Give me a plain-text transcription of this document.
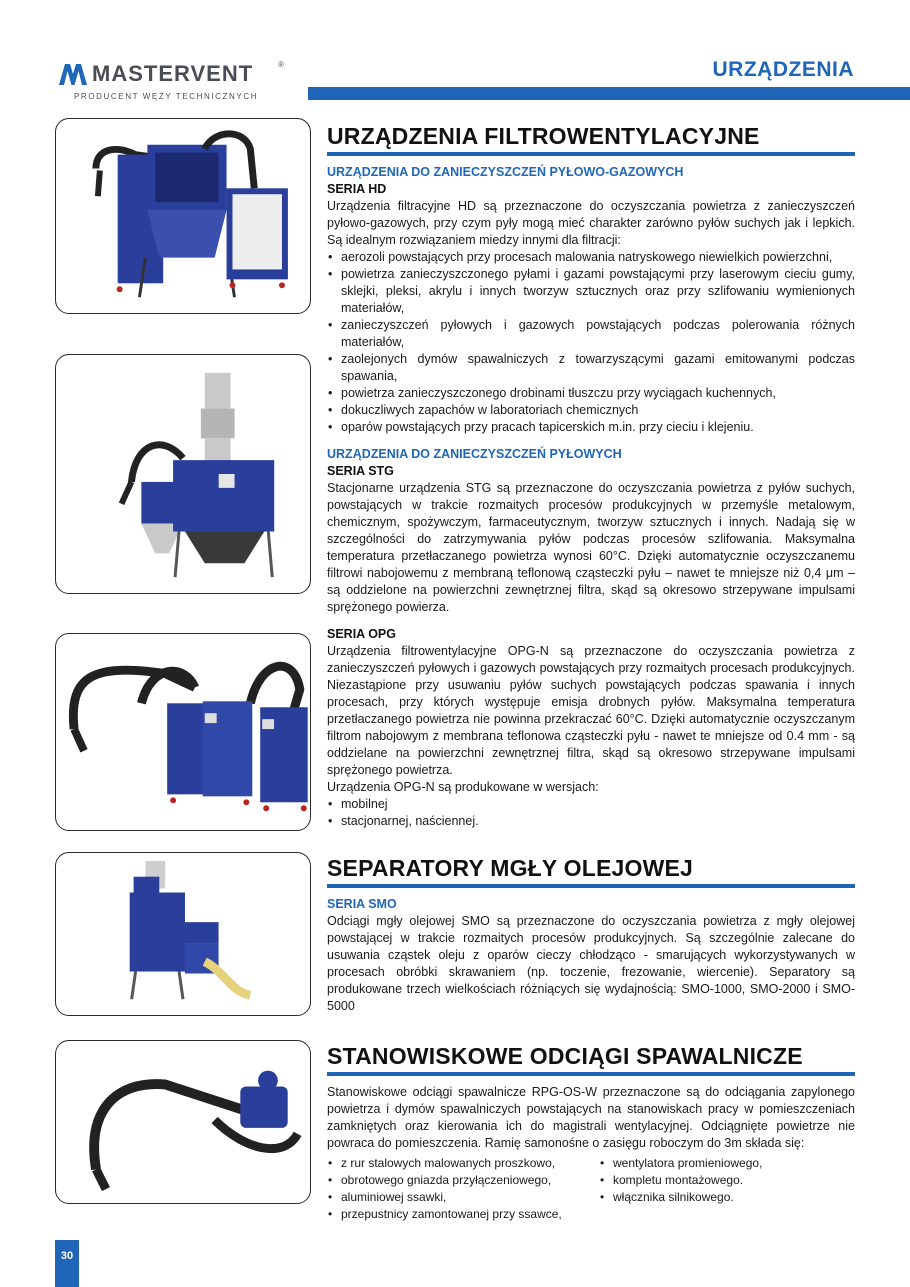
MASTERVENT	®
PRODUCENT WĘŻY TECHNICZNYCH
URZĄDZENIA
URZĄDZENIA FILTROWENTYLACYJNE
URZĄDZENIA DO ZANIECZYSZCZEŃ PYŁOWO-GAZOWYCH
SERIA HD
Urządzenia filtracyjne HD są przeznaczone do oczyszczania powietrza z zanieczyszczeń pyłowo-gazowych, przy czym pyły mogą mieć charakter zarówno pyłów suchych jak i lepkich. Są idealnym rozwiązaniem miedzy innymi dla filtracji:
• aerozoli powstających przy procesach malowania natryskowego niewielkich powierzchni,
• powietrza zanieczyszczonego pyłami i gazami powstającymi przy laserowym cieciu gumy, sklejki, pleksi, akrylu i innych tworzyw sztucznych oraz przy szlifowaniu wymienionych materiałów,
• zanieczyszczeń pyłowych i gazowych powstających podczas polerowania różnych materiałów,
• zaolejonych dymów spawalniczych z towarzyszącymi gazami emitowanymi podczas spawania,
• powietrza zanieczyszczonego drobinami tłuszczu przy wyciągach kuchennych,
• dokuczliwych zapachów w laboratoriach chemicznych
• oparów powstających przy pracach tapicerskich m.in. przy cieciu i klejeniu.
URZĄDZENIA DO ZANIECZYSZCZEŃ PYŁOWYCH
SERIA STG
Stacjonarne urządzenia STG są przeznaczone do oczyszczania powietrza z pyłów suchych, powstających w trakcie rozmaitych procesów produkcyjnych w przemyśle metalowym, chemicznym, spożywczym, farmaceutycznym, tworzyw sztucznych i innych. Nadają się w szczególności do zatrzymywania pyłów podczas procesów szlifowania. Maksymalna temperatura przetłaczanego powietrza wynosi 60°C. Dzięki automatycznie oczyszczanemu filtrowi nabojowemu z membraną teflonową cząsteczki pyłu – nawet te mniejsze niż 0,4 μm – są oddzielone na powierzchni zewnętrznej filtra, skąd są okresowo strzepywane impulsami sprężonego powierza.
SERIA OPG
Urządzenia filtrowentylacyjne OPG-N są przeznaczone do oczyszczania powietrza z zanieczyszczeń pyłowych i gazowych powstających przy rozmaitych procesach produkcyjnych. Niezastąpione przy usuwaniu pyłów suchych powstających podczas spawania i innych procesach, przy których występuje emisja drobnych pyłów. Maksymalna temperatura przetłaczanego powietrza nie powinna przekraczać 60°C. Dzięki automatycznie oczyszczanym filtrom nabojowym z membrana teflonowa cząsteczki pyłu - nawet te mniejsze od 0.4 mm - są oddzielane na powierzchni zewnętrznej filtra, skąd są okresowo strzepywane impulsami sprężonego powietrza.
Urządzenia OPG-N są produkowane w wersjach:
• mobilnej
• stacjonarnej, naściennej.
SEPARATORY MGŁY OLEJOWEJ
SERIA SMO
Odciągi mgły olejowej SMO są przeznaczone do oczyszczania powietrza z mgły olejowej powstającej w trakcie rozmaitych procesów produkcyjnych. Są szczególnie zalecane do usuwania cząstek oleju z oparów cieczy chłodząco - smarujących wykorzystywanych w procesach obróbki skrawaniem (np. toczenie, frezowanie, wiercenie). Separatory są produkowane trzech wielkościach różniących się wydajnością: SMO-1000, SMO-2000 i SMO-5000
STANOWISKOWE ODCIĄGI SPAWALNICZE
Stanowiskowe odciągi spawalnicze RPG-OS-W przeznaczone są do odciągania zapylonego powietrza i dymów spawalniczych powstających na stanowiskach pracy w pomieszczeniach zamkniętych oraz kierowania ich do magistrali wentylacyjnej. Odciągnięte powietrze nie powraca do pomieszczenia. Ramię samonośne o zasięgu roboczym do 3m składa się:
• z rur stalowych malowanych proszkowo,
• obrotowego gniazda przyłączeniowego,
• aluminiowej ssawki,
• przepustnicy zamontowanej przy ssawce,
• wentylatora promieniowego,
• kompletu montażowego.
• włącznika silnikowego.
30
